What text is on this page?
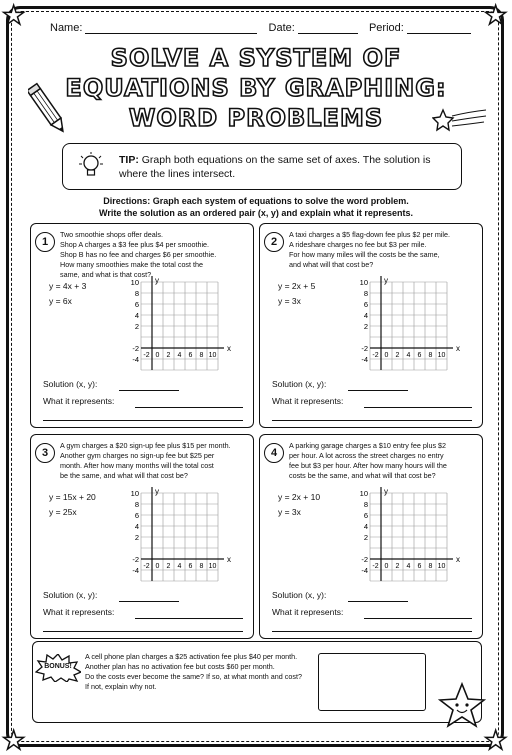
★	★
★	★
Name:	Date:	Period:
SOLVE A SYSTEM OF
EQUATIONS BY GRAPHING:
WORD PROBLEMS
TIP: Graph both equations on the same set of axes. The solution is where the lines intersect.
Directions: Graph each system of equations to solve the word problem.
Write the solution as an ordered pair (x, y) and explain what it represents.
1
Two smoothie shops offer deals.
Shop A charges a $3 fee plus $4 per smoothie.
Shop B has no fee and charges $6 per smoothie.
How many smoothies make the total cost the
same, and what is that cost?
y = 4x + 3
y = 6x
10
8
6
4
2
-2
-4 -2 0 2 4 6 8 10
x
y
Solution (x, y):
What it represents:
2
A taxi charges a $5 flag-down fee plus $2 per mile.
A rideshare charges no fee but $3 per mile.
For how many miles will the costs be the same,
and what will that cost be?
y = 2x + 5
y = 3x
10
8
6
4
2
-2
-4 -2 0 2 4 6 8 10
x
y
Solution (x, y):
What it represents:
3
A gym charges a $20 sign-up fee plus $15 per month.
Another gym charges no sign-up fee but $25 per
month. After how many months will the total cost
be the same, and what will that cost be?
y = 15x + 20
y = 25x
10
8
6
4
2
-2
-4 -2 0 2 4 6 8 10
x
y
Solution (x, y):
What it represents:
4
A parking garage charges a $10 entry fee plus $2
per hour. A lot across the street charges no entry
fee but $3 per hour. After how many hours will the
costs be the same, and what will that cost be?
y = 2x + 10
y = 3x
10
8
6
4
2
-2
-4 -2 0 2 4 6 8 10
x
y
Solution (x, y):
What it represents:
BONUS!
A cell phone plan charges a $25 activation fee plus $40 per month.
Another plan has no activation fee but costs $60 per month.
Do the costs ever become the same? If so, at what month and cost?
If not, explain why not.
